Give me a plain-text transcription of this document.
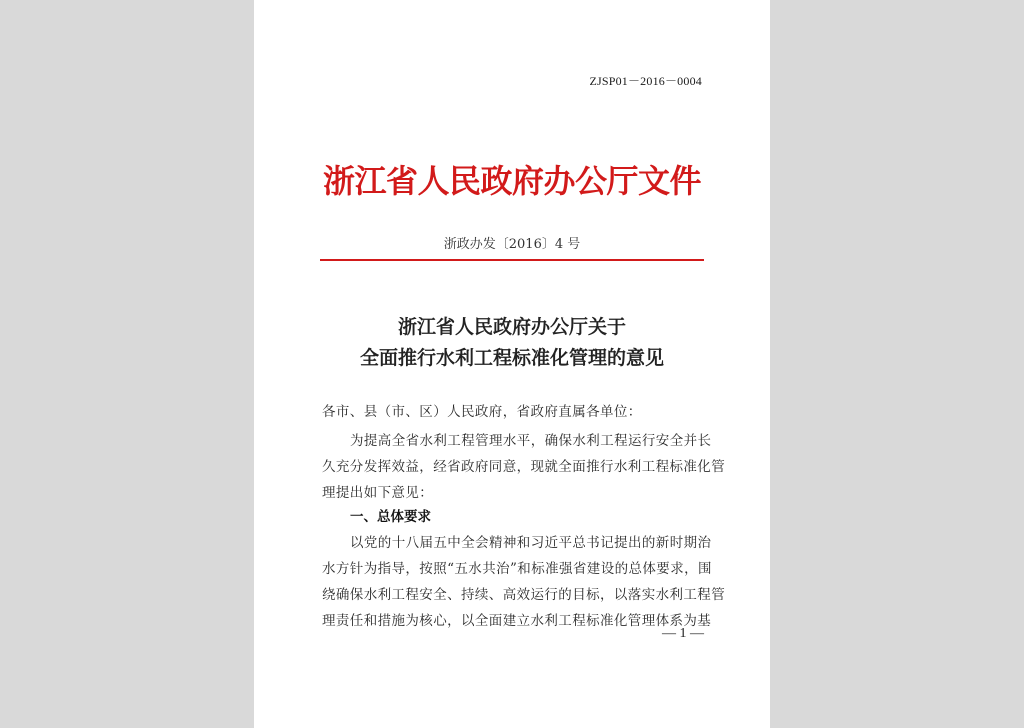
ZJSP01－2016－0004
浙江省人民政府办公厅文件
浙政办发〔2016〕4 号
浙江省人民政府办公厅关于
全面推行水利工程标准化管理的意见
各市、县（市、区）人民政府，省政府直属各单位：
为提高全省水利工程管理水平，确保水利工程运行安全并长
久充分发挥效益，经省政府同意，现就全面推行水利工程标准化管
理提出如下意见：
一、总体要求
以党的十八届五中全会精神和习近平总书记提出的新时期治
水方针为指导，按照“五水共治”和标准强省建设的总体要求，围
绕确保水利工程安全、持续、高效运行的目标，以落实水利工程管
理责任和措施为核心，以全面建立水利工程标准化管理体系为基
— 1 —
